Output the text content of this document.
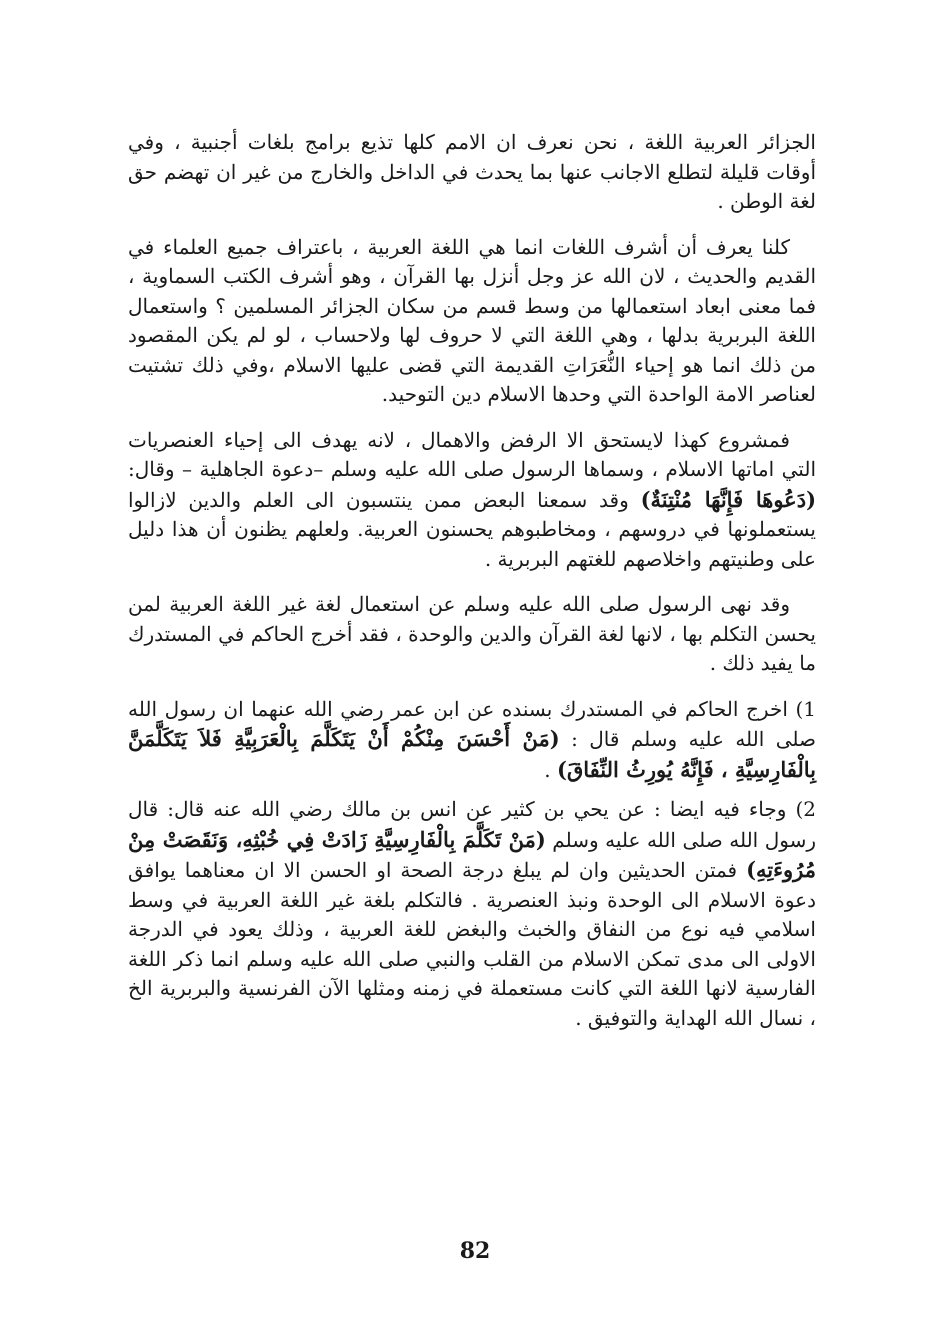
الجزائر العربية اللغة ، نحن نعرف ان الامم كلها تذيع برامج بلغات أجنبية ، وفي أوقات قليلة لتطلع الاجانب عنها بما يحدث في الداخل والخارج من غير ان تهضم حق لغة الوطن .

كلنا يعرف أن أشرف اللغات انما هي اللغة العربية ، باعتراف جميع العلماء في القديم والحديث ، لان الله عز وجل أنزل بها القرآن ، وهو أشرف الكتب السماوية ، فما معنى ابعاد استعمالها من وسط قسم من سكان الجزائر المسلمين ؟ واستعمال اللغة البربرية بدلها ، وهي اللغة التي لا حروف لها ولاحساب ، لو لم يكن المقصود من ذلك انما هو إحياء النُّعَرَاتِ القديمة التي قضى عليها الاسلام ،وفي ذلك تشتيت لعناصر الامة الواحدة التي وحدها الاسلام دين التوحيد.

فمشروع كهذا لايستحق الا الرفض والاهمال ، لانه يهدف الى إحياء العنصريات التي اماتها الاسلام ، وسماها الرسول صلى الله عليه وسلم –دعوة الجاهلية – وقال: (دَعُوهَا فَإِنَّهَا مُنْتِنَةٌ) وقد سمعنا البعض ممن ينتسبون الى العلم والدين لازالوا يستعملونها في دروسهم ، ومخاطبوهم يحسنون العربية. ولعلهم يظنون أن هذا دليل على وطنيتهم واخلاصهم للغتهم البربرية .

وقد نهى الرسول صلى الله عليه وسلم عن استعمال لغة غير اللغة العربية لمن يحسن التكلم بها ، لانها لغة القرآن والدين والوحدة ، فقد أخرج الحاكم في المستدرك ما يفيد ذلك .

1) اخرج الحاكم في المستدرك بسنده عن ابن عمر رضي الله عنهما ان رسول الله صلى الله عليه وسلم قال : (مَنْ أَحْسَنَ مِنْكُمْ أَنْ يَتَكَلَّمَ بِالْعَرَبِيَّةِ فَلاَ يَتَكَلَّمَنَّ بِالْفَارِسِيَّةِ ، فَإِنَّهُ يُورِثُ النِّفَاقَ) .

2) وجاء فيه ايضا : عن يحي بن كثير عن انس بن مالك رضي الله عنه قال: قال رسول الله صلى الله عليه وسلم (مَنْ تَكَلَّمَ بِالْفَارِسِيَّةِ زَادَتْ فِي خُبْثِهِ، وَنَقَصَتْ مِنْ مُرُوءَتِهِ) فمتن الحديثين وان لم يبلغ درجة الصحة او الحسن الا ان معناهما يوافق دعوة الاسلام الى الوحدة ونبذ العنصرية . فالتكلم بلغة غير اللغة العربية في وسط اسلامي فيه نوع من النفاق والخبث والبغض للغة العربية ، وذلك يعود في الدرجة الاولى الى مدى تمكن الاسلام من القلب والنبي صلى الله عليه وسلم انما ذكر اللغة الفارسية لانها اللغة التي كانت مستعملة في زمنه ومثلها الآن الفرنسية والبربرية الخ ، نسال الله الهداية والتوفيق .

82
